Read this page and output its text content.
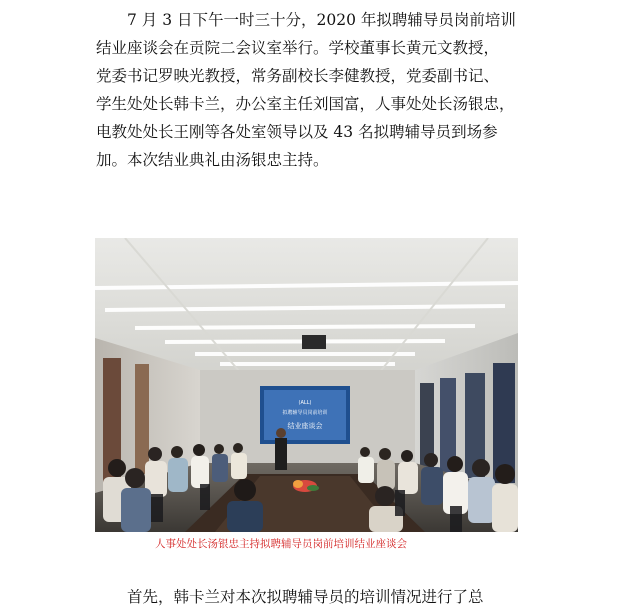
7 月 3 日下午一时三十分，2020 年拟聘辅导员岗前培训
结业座谈会在贡院二会议室举行。学校董事长黄元文教授，
党委书记罗映光教授，常务副校长李健教授，党委副书记、
学生处处长韩卡兰，办公室主任刘国富，人事处处长汤银忠，
电教处处长王刚等各处室领导以及 43 名拟聘辅导员到场参
加。本次结业典礼由汤银忠主持。
(ALL)
拟聘辅导员岗前培训
结业座谈会
人事处处长汤银忠主持拟聘辅导员岗前培训结业座谈会
首先，韩卡兰对本次拟聘辅导员的培训情况进行了总
